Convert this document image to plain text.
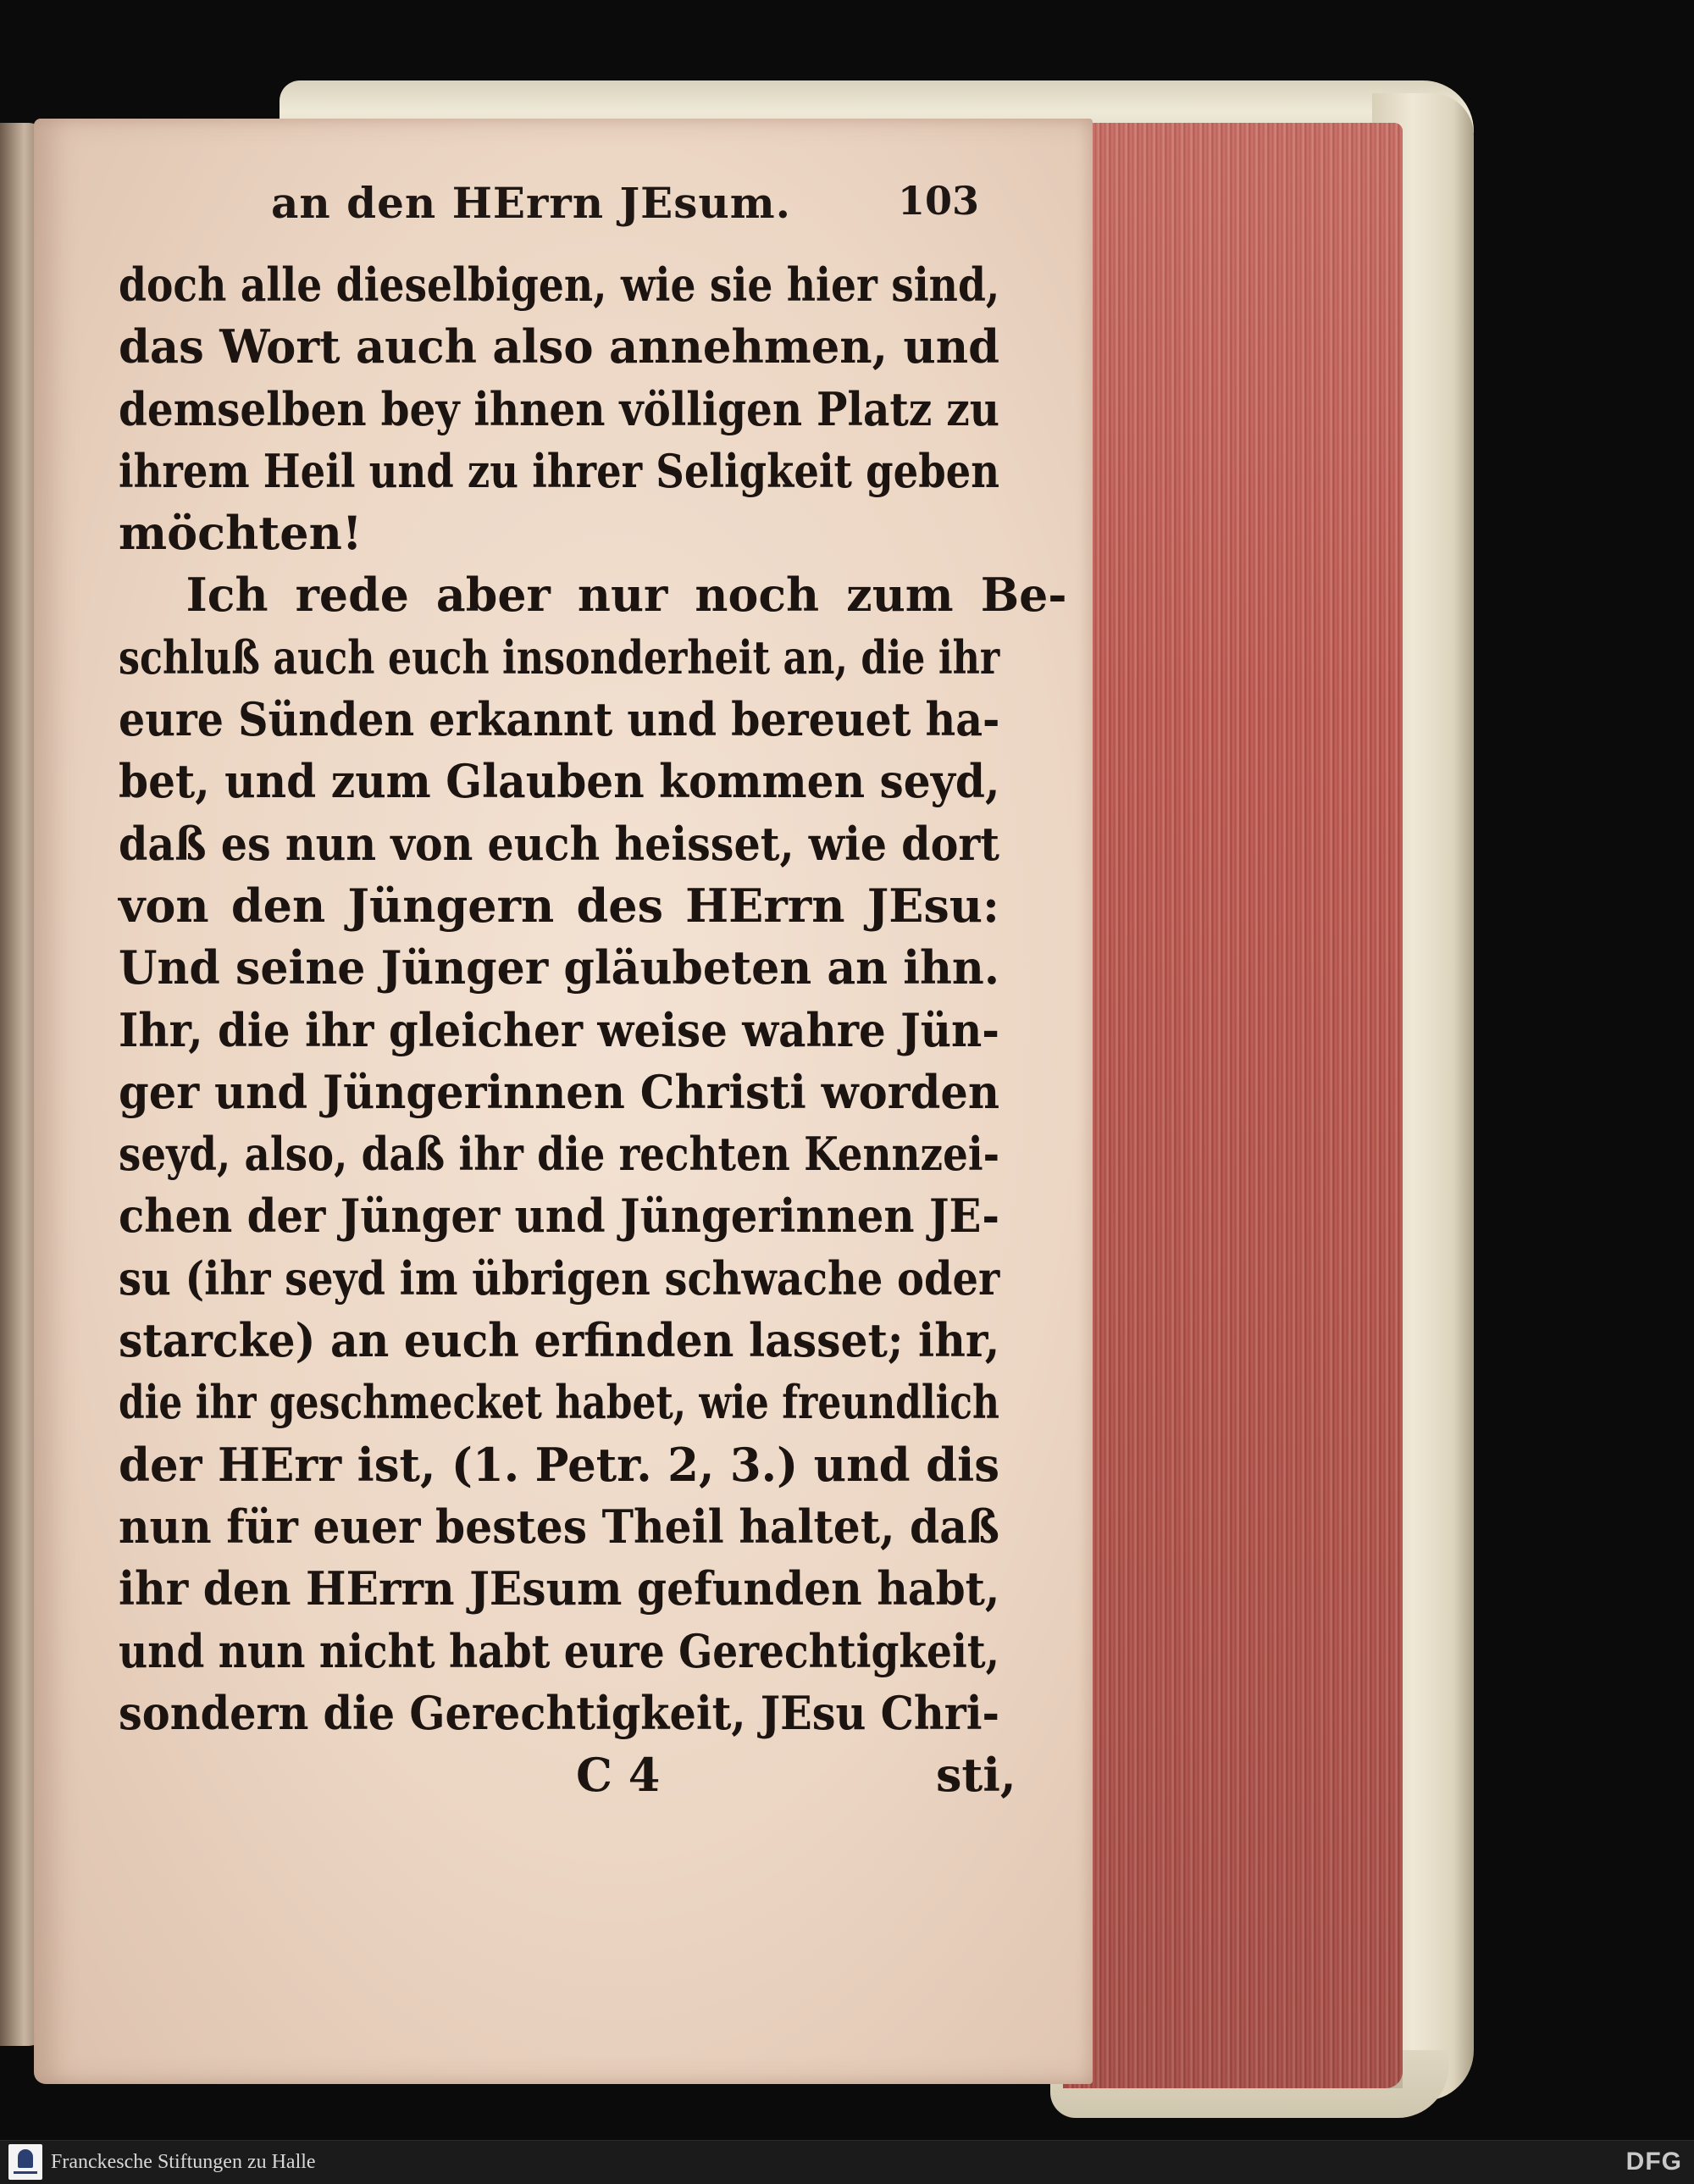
an den HErrn JEsum.	103
doch alle dieselbigen, wie sie hier sind,
das Wort auch also annehmen, und
demselben bey ihnen völligen Platz zu
ihrem Heil und zu ihrer Seligkeit geben
möchten!
Ich rede aber nur noch zum Be-
schluß auch euch insonderheit an, die ihr
eure Sünden erkannt und bereuet ha-
bet, und zum Glauben kommen seyd,
daß es nun von euch heisset, wie dort
von den Jüngern des HErrn JEsu:
Und seine Jünger gläubeten an ihn.
Ihr, die ihr gleicher weise wahre Jün-
ger und Jüngerinnen Christi worden
seyd, also, daß ihr die rechten Kennzei-
chen der Jünger und Jüngerinnen JE-
su (ihr seyd im übrigen schwache oder
starcke) an euch erfinden lasset; ihr,
die ihr geschmecket habet, wie freundlich
der HErr ist, (1. Petr. 2, 3.) und dis
nun für euer bestes Theil haltet, daß
ihr den HErrn JEsum gefunden habt,
und nun nicht habt eure Gerechtigkeit,
sondern die Gerechtigkeit, JEsu Chri-
C 4	sti,
Franckesche Stiftungen zu Halle	DFG
